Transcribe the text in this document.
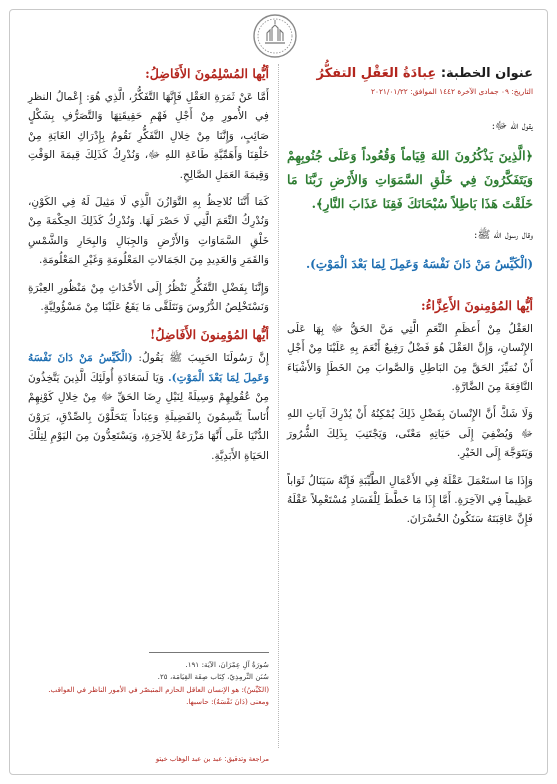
عنوان الخطبة: عِبادَةُ العَقْلِ التفكُّرُ
التاريخ: ٠٩ جمادى الآخرة ١٤٤٢ الموافق: ٢٠٢١/٠١/٢٢

يقول الله ﷻ:

﴿الَّذِينَ يَذْكُرُونَ اللهَ قِيَاماً وَقُعُوداً وَعَلَى جُنُوبِهِمْ وَيَتَفَكَّرُونَ فِي خَلْقِ السَّمَوَاتِ وَالأَرْضِ رَبَّنَا مَا خَلَقْتَ هَذَا بَاطِلاً سُبْحَانَكَ فَقِنَا عَذَابَ النَّارِ﴾.

وقال رسول الله ﷺ:

(الْكَيِّسُ مَنْ دَانَ نَفْسَهُ وَعَمِلَ لِمَا بَعْدَ الْمَوْتِ).
أيُّها المُؤمِنونَ الأَعِزَّاءُ:

العَقْلُ مِنْ أَعظَمِ النِّعَمِ الَّتِي مَنَّ الحَقُّ ﷻ بِهَا عَلَى الإِنْسانِ، وَإِنَّ العَقْلَ هُوَ فَضْلٌ رَفِيعٌ أَنْعَمَ بِهِ عَلَيْنَا مِنْ أَجْلِ أَنْ نُمَيِّزَ الحَقَّ مِنَ البَاطِلِ وَالصَّوابَ مِنَ الخَطَإِ وَالأَشْيَاءَ النَّافِعَةَ مِنَ الضَّارَّةِ.

وَلَا شَكَّ أَنَّ الإِنْسانَ بِفَضْلِ ذَلِكَ يُمْكِنُهُ أَنْ يُدْرِكَ آيَاتِ اللهِ ﷻ وَيُضْفِيَ إِلَى حَيَاتِهِ مَعْنًى، وَيَجْتَنِبَ بِذَلِكَ الشُّرُورَ وَيَتَوَجَّهَ إِلَى الخَيْرِ.

وَإِذَا مَا استَعْمَلَ عَقْلَهُ فِي الأَعْمَالِ الطَّيِّبَةِ فَإِنَّهُ سَيَنَالُ ثَوَاباً عَظِيماً فِي الآخِرَةِ. أَمَّا إِذَا مَا خَطَّطَ لِلْفَسَادِ مُسْتَعْمِلاً عَقْلَهُ فَإِنَّ عَاقِبَتَهُ سَتَكُونُ الخُسْرَانَ.

أيُّها المُسْلِمُونَ الأَفَاضِلُ:

أَمَّا عَنْ ثَمَرَةِ العَقْلِ فَإِنَّهَا التَّفَكُّرُ، الَّذِي هُوَ: إِعْمالُ النظرِ فِي الأُمورِ مِنْ أَجْلِ فَهْمِ حَقِيقَتِهَا وَالتَّصَرُّفِ بِشَكْلٍ صَائِبٍ، وَإِنَّنَا مِنْ خِلالِ التَّفَكُّرِ نَقُومُ بِإِدْرَاكِ الغَايَةِ مِنْ خَلْقِنَا وَأَهَمِّيَّةِ طَاعَةِ اللهِ ﷻ، وَنُدْرِكُ كَذَلِكَ قِيمَةَ الوَقْتِ وَقِيمَةَ العَمَلِ الصَّالِحِ.

كَمَا أَنَّنَا نُلاحِظُ بِهِ التَّوَازُنَ الَّذِي لَا مَثِيلَ لَهُ فِي الكَوْنِ، وَنُدْرِكُ النِّعَمَ الَّتِي لَا حَصْرَ لَهَا. وَنُدْرِكُ كَذَلِكَ الحِكْمَةَ مِنْ خَلْقِ السَّمَاوَاتِ وَالأَرْضِ وَالجِبَالِ وَالبِحَارِ وَالشَّمْسِ وَالقَمَرِ وَالعَدِيدِ مِنَ الجَمَالاتِ المَعْلُومَةِ وَغَيْرِ المَعْلُومَةِ.

وَإِنَّنَا بِفَضْلِ التَّفَكُّرِ نَنْظُرُ إِلَى الأَحْدَاثِ مِنْ مَنْظُورِ العِبْرَةِ وَنَسْتَخْلِصُ الدُّرُوسَ وَنَتَلَقَّى مَا يَقَعُ عَلَيْنَا مِنْ مَسْؤُولِيَّةٍ.

أيُّها المُؤمِنونَ الأَفَاضِلُ!

إِنَّ رَسُولَنَا الحَبِيبَ ﷺ يَقُولُ: (الْكَيِّسُ مَنْ دَانَ نَفْسَهُ وَعَمِلَ لِمَا بَعْدَ الْمَوْتِ). وَيَا لَسَعَادَةِ أُولَئِكَ الَّذِينَ يَتَّخِذُونَ مِنْ عُقُولِهِمْ وَسِيلَةً لِنَيْلِ رِضَا الحَقِّ ﷻ مِنْ خِلالِ كَوْنِهِمْ أُنَاساً يَتَّسِمُونَ بِالفَضِيلَةِ وَعِبَاداً يَتَحَلَّوْنَ بِالصِّدْقِ، يَرَوْنَ الدُّنْيَا عَلَى أَنَّهَا مَزْرَعَةٌ لِلآخِرَةِ، وَيَسْتَعِدُّونَ مِنَ اليَوْمِ لِتِلْكَ الحَيَاةِ الأَبَدِيَّةِ.

سُورَةُ آلِ عِمْرَانَ، الآيَة: ١٩١.

سُنَن التِّرمِذِيّ، كِتَاب صِفَة القِيَامَة، ٢٥.

(الكَيِّسُ): هو الإنسان العاقل الحازم المتبصّر في الأمور الناظر في العواقب.

ومعنى (دَانَ نَفْسَهُ): حاسبها.

مراجعة وتدقيق: عبد بن عبد الوهاب خيتو
